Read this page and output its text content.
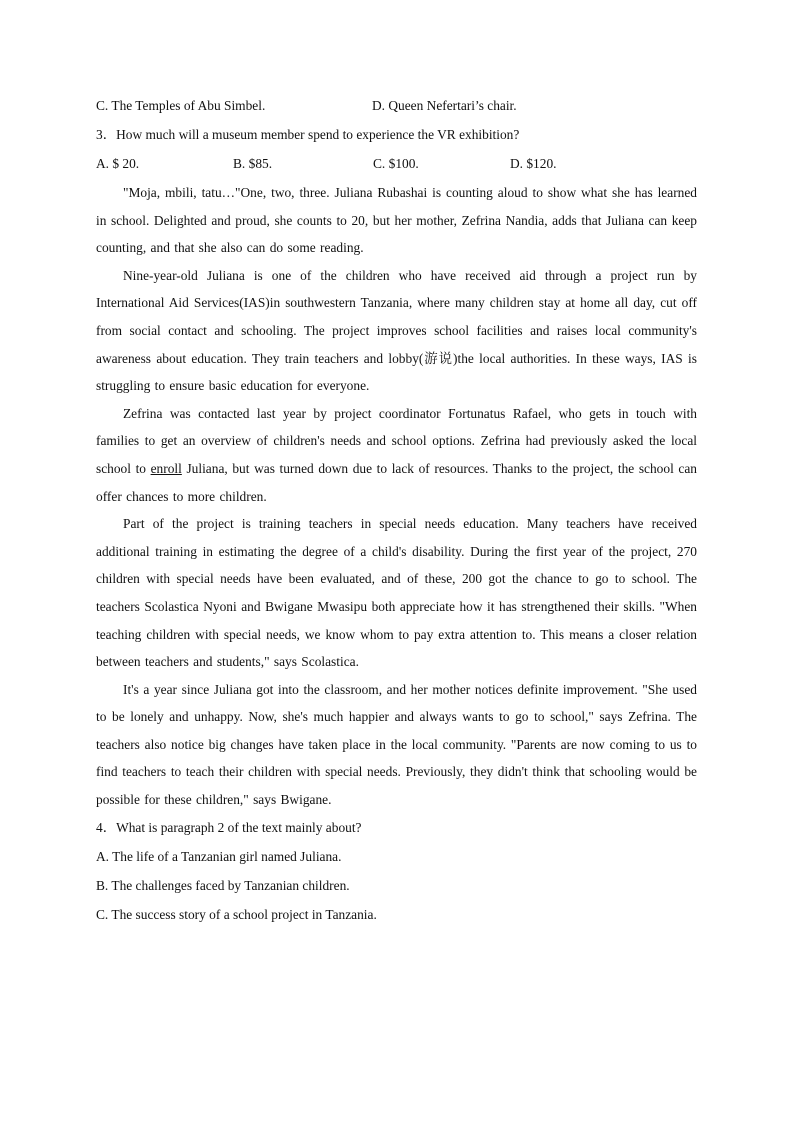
C. The Temples of Abu Simbel.	D. Queen Nefertari’s chair.
3．How much will a museum member spend to experience the VR exhibition?
A. $ 20.	B. $85.	C. $100.	D. $120.

"Moja, mbili, tatu…"One, two, three. Juliana Rubashai is counting aloud to show what she has learned in school. Delighted and proud, she counts to 20, but her mother, Zefrina Nandia, adds that Juliana can keep counting, and that she also can do some reading.

Nine-year-old Juliana is one of the children who have received aid through a project run by International Aid Services(IAS)in southwestern Tanzania, where many children stay at home all day, cut off from social contact and schooling. The project improves school facilities and raises local community's awareness about education. They train teachers and lobby(游说)the local authorities. In these ways, IAS is struggling to ensure basic education for everyone.

Zefrina was contacted last year by project coordinator Fortunatus Rafael, who gets in touch with families to get an overview of children's needs and school options. Zefrina had previously asked the local school to enroll Juliana, but was turned down due to lack of resources. Thanks to the project, the school can offer chances to more children.

Part of the project is training teachers in special needs education. Many teachers have received additional training in estimating the degree of a child's disability. During the first year of the project, 270 children with special needs have been evaluated, and of these, 200 got the chance to go to school. The teachers Scolastica Nyoni and Bwigane Mwasipu both appreciate how it has strengthened their skills. "When teaching children with special needs, we know whom to pay extra attention to. This means a closer relation between teachers and students," says Scolastica.

It's a year since Juliana got into the classroom, and her mother notices definite improvement. "She used to be lonely and unhappy. Now, she's much happier and always wants to go to school," says Zefrina. The teachers also notice big changes have taken place in the local community. "Parents are now coming to us to find teachers to teach their children with special needs. Previously, they didn't think that schooling would be possible for these children," says Bwigane.

4．What is paragraph 2 of the text mainly about?
A. The life of a Tanzanian girl named Juliana.
B. The challenges faced by Tanzanian children.
C. The success story of a school project in Tanzania.
